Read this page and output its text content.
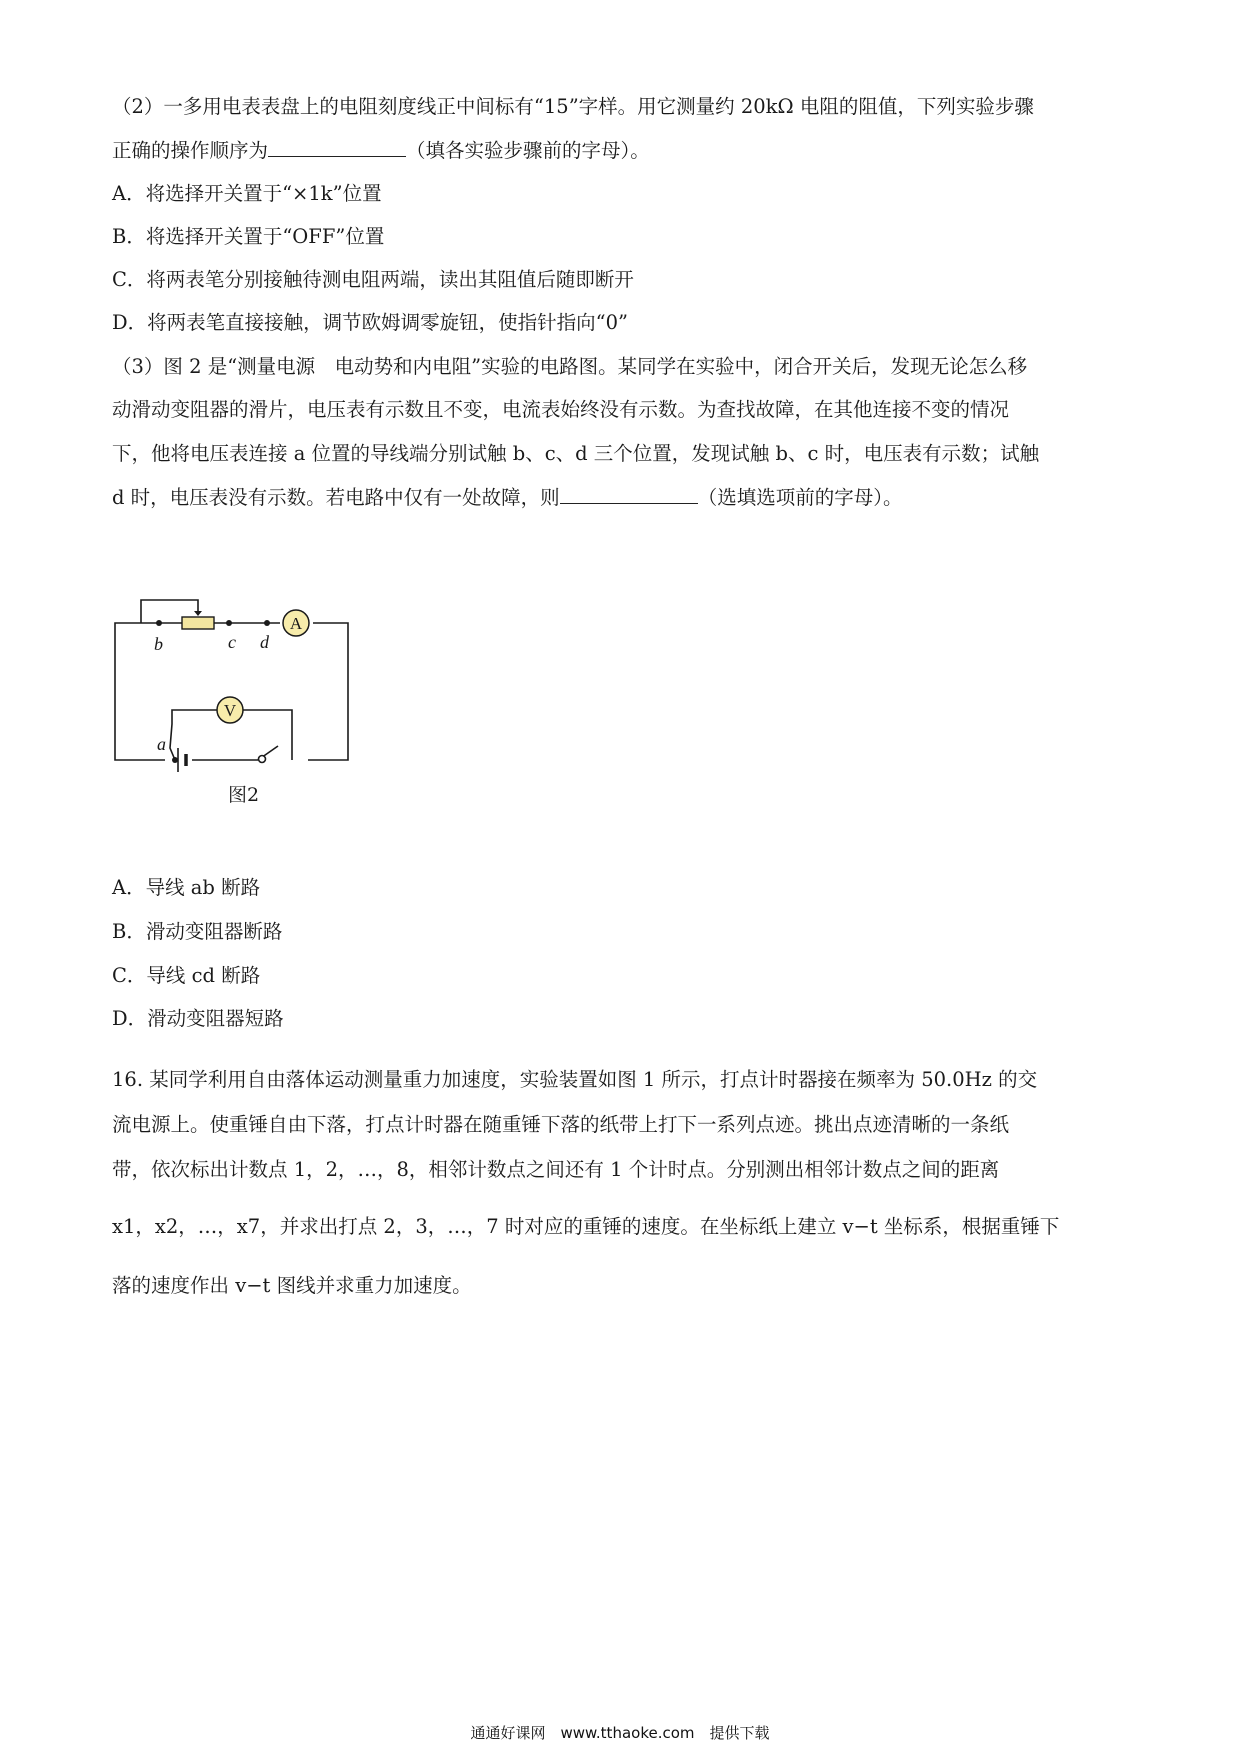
（2）一多用电表表盘上的电阻刻度线正中间标有“15”字样。用它测量约 20kΩ 电阻的阻值，下列实验步骤
正确的操作顺序为	（填各实验步骤前的字母）。
A．将选择开关置于“×1k”位置
B．将选择开关置于“OFF”位置
C．将两表笔分别接触待测电阻两端，读出其阻值后随即断开
D．将两表笔直接接触，调节欧姆调零旋钮，使指针指向“0”
（3）图 2 是“测量电源　电动势和内电阻”实验的电路图。某同学在实验中，闭合开关后，发现无论怎么移
动滑动变阻器的滑片，电压表有示数且不变，电流表始终没有示数。为查找故障，在其他连接不变的情况
下，他将电压表连接 a 位置的导线端分别试触 b、c、d 三个位置，发现试触 b、c 时，电压表有示数；试触
d 时，电压表没有示数。若电路中仅有一处故障，则	（选填选项前的字母）。
A
V
b	c d
a
图2
A．导线 ab 断路
B．滑动变阻器断路
C．导线 cd 断路
D．滑动变阻器短路
16. 某同学利用自由落体运动测量重力加速度，实验装置如图 1 所示，打点计时器接在频率为 50.0Hz 的交
流电源上。使重锤自由下落，打点计时器在随重锤下落的纸带上打下一系列点迹。挑出点迹清晰的一条纸
带，依次标出计数点 1，2，…，8，相邻计数点之间还有 1 个计时点。分别测出相邻计数点之间的距离
x1，x2，…，x7，并求出打点 2，3，…，7 时对应的重锤的速度。在坐标纸上建立 v−t 坐标系，根据重锤下
落的速度作出 v−t 图线并求重力加速度。
通通好课网　www.tthaoke.com　提供下载
